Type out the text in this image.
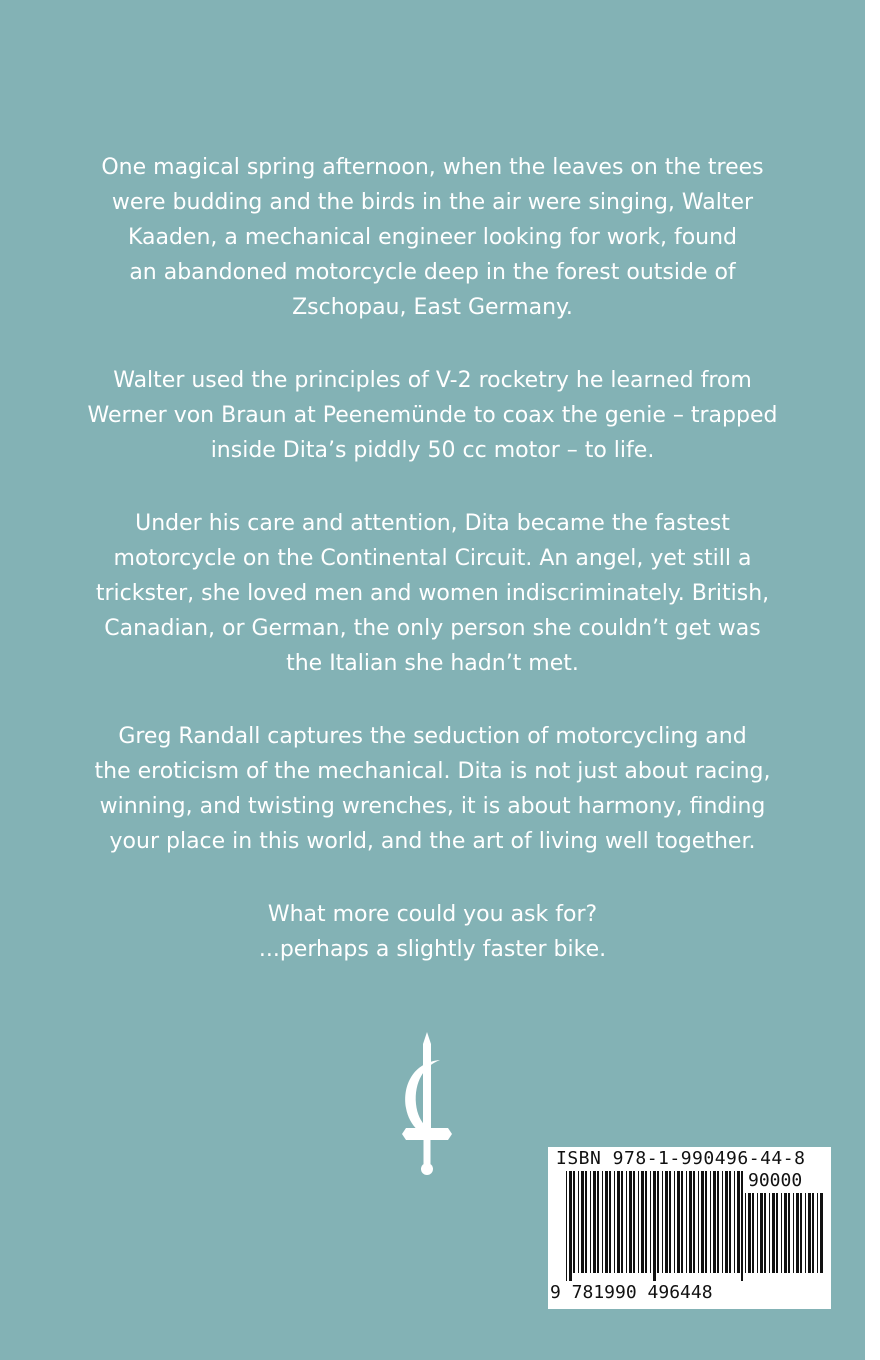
One magical spring afternoon, when the leaves on the trees
were budding and the birds in the air were singing, Walter
Kaaden, a mechanical engineer looking for work, found
an abandoned motorcycle deep in the forest outside of
Zschopau, East Germany.

Walter used the principles of V-2 rocketry he learned from
Werner von Braun at Peenemünde to coax the genie – trapped
inside Dita’s piddly 50 cc motor – to life.

Under his care and attention, Dita became the fastest
motorcycle on the Continental Circuit. An angel, yet still a
trickster, she loved men and women indiscriminately. British,
Canadian, or German, the only person she couldn’t get was
the Italian she hadn’t met.

Greg Randall captures the seduction of motorcycling and
the eroticism of the mechanical. Dita is not just about racing,
winning, and twisting wrenches, it is about harmony, finding
your place in this world, and the art of living well together.

What more could you ask for?
...perhaps a slightly faster bike.

ISBN 978-1-990496-44-8
90000
9 781990 496448
